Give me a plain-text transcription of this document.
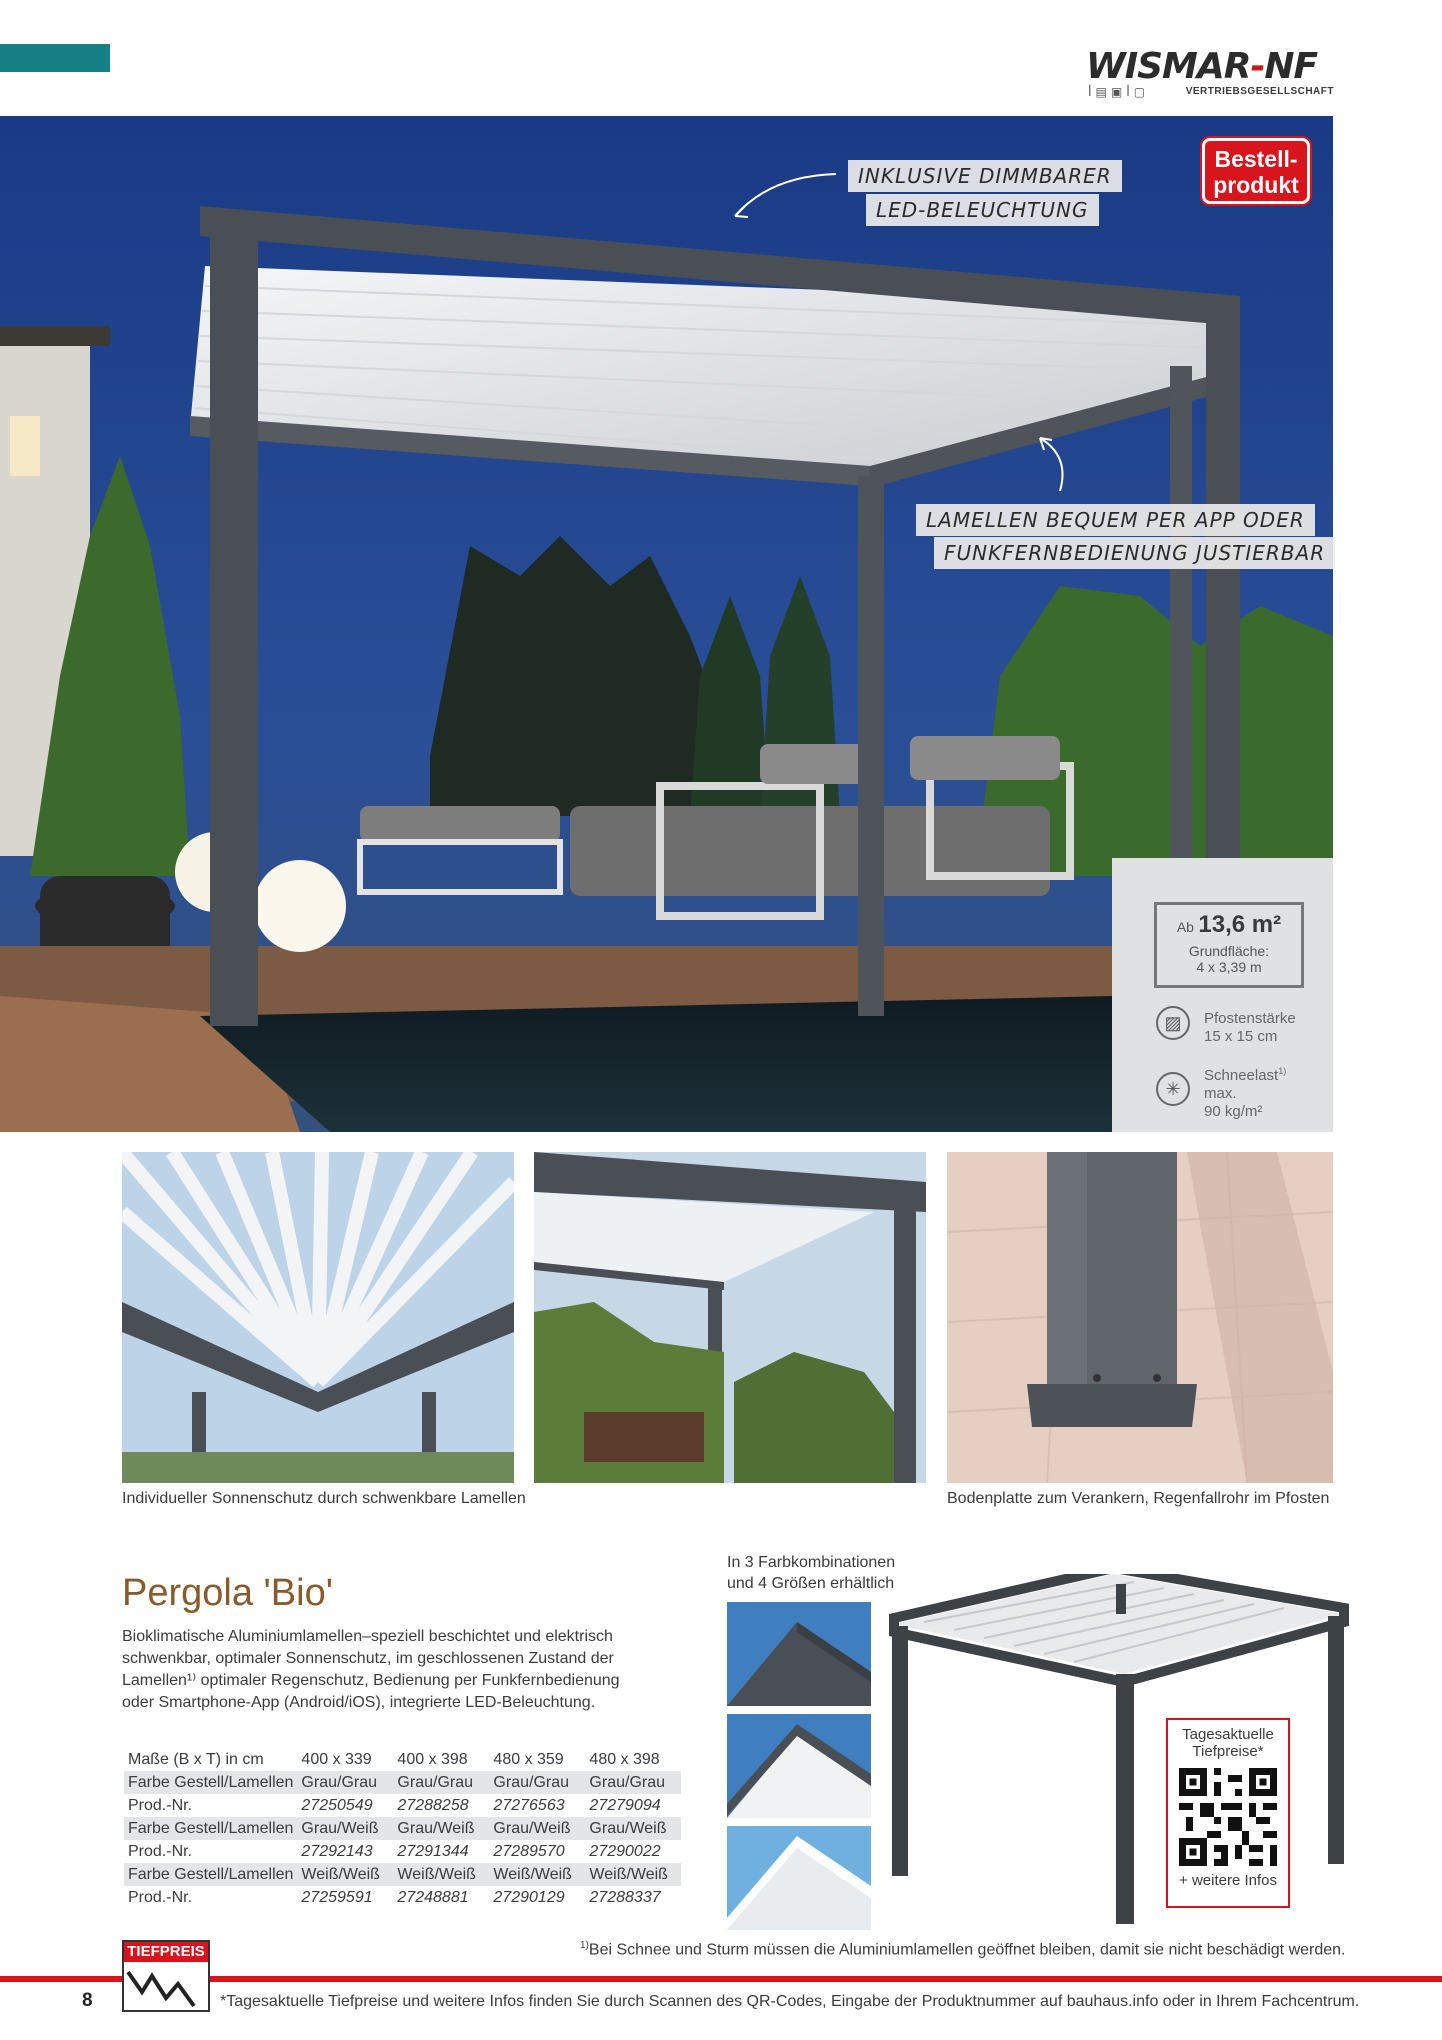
WISMAR-NF
ꟾ▤▣ꟾ▢	VERTRIEBSGESELLSCHAFT
INKLUSIVE DIMMBARER
LED-BELEUCHTUNG
LAMELLEN BEQUEM PER APP ODER
FUNKFERNBEDIENUNG JUSTIERBAR
Bestell-
produkt
Ab 13,6 m²
Grundfläche:
4 x 3,39 m
▨	Pfostenstärke
15 x 15 cm
✳
Schneelast$^{1)}$
max.
90 kg/m²
Individueller Sonnenschutz durch schwenkbare Lamellen	Bodenplatte zum Verankern, Regenfallrohr im Pfosten
Pergola 'Bio'
Bioklimatische Aluminiumlamellen–speziell beschichtet und elektrisch schwenkbar, optimaler Sonnenschutz, im geschlossenen Zustand der Lamellen¹⁾ optimaler Regenschutz, Bedienung per Funkfernbedienung oder Smartphone-App (Android/iOS), integrierte LED-Beleuchtung.
Maße (B x T) in cm	400 x 339	400 x 398	480 x 359	480 x 398
Farbe Gestell/Lamellen	Grau/Grau	Grau/Grau	Grau/Grau	Grau/Grau
Prod.-Nr.	27250549	27288258	27276563	27279094
Farbe Gestell/Lamellen	Grau/Weiß	Grau/Weiß	Grau/Weiß	Grau/Weiß
Prod.-Nr.	27292143	27291344	27289570	27290022
Farbe Gestell/Lamellen	Weiß/Weiß	Weiß/Weiß	Weiß/Weiß	Weiß/Weiß
Prod.-Nr.	27259591	27248881	27290129	27288337
In 3 Farbkombinationen
und 4 Größen erhältlich
Tagesaktuelle
Tiefpreise*
+ weitere Infos
$^{1)}$Bei Schnee und Sturm müssen die Aluminiumlamellen geöffnet bleiben, damit sie nicht beschädigt werden.
TIEFPREIS
8	*Tagesaktuelle Tiefpreise und weitere Infos finden Sie durch Scannen des QR-Codes, Eingabe der Produktnummer auf bauhaus.info oder in Ihrem Fachcentrum.
